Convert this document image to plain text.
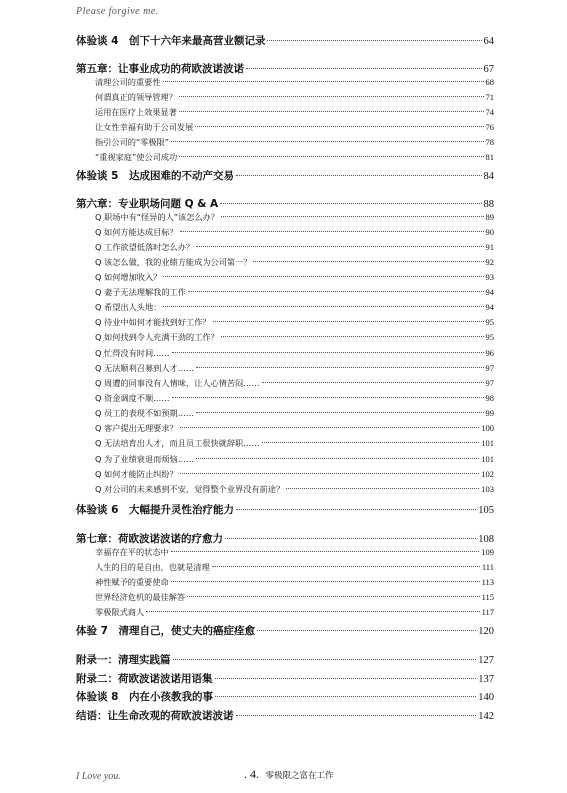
Please forgive me.
体验谈 4　创下十六年来最高营业额记录	64
第五章：让事业成功的荷欧波诺波诺	67
清理公司的重要性	68
何谓真正的领导管理？	71
运用在医疗上效果显著	74
让女性幸福有助于公司发展	76
指引公司的“零极限”	78
“重视家庭”使公司成功	81
体验谈 5　达成困难的不动产交易	84
第六章：专业职场问题 Q & A	88
Q 职场中有“怪异的人”该怎么办？	89
Q 如何方能达成目标？	90
Q 工作欲望低落时怎么办？	91
Q 该怎么做，我的业绩方能成为公司第一？	92
Q 如何增加收入？	93
Q 妻子无法理解我的工作	94
Q 希望出人头地：	94
Q 待业中如何才能找到好工作？	95
Q 如何找到令人充满干劲的工作？	95
Q 忙得没有时间……	96
Q 无法顺利召募到人才……	97
Q 周遭的同事没有人情味，让人心情苦闷……	97
Q 资金调度不顺……	98
Q 员工的表现不如预期……	99
Q 客户提出无理要求？	100
Q 无法培育出人才，而且员工很快就辞职……	101
Q 为了业绩衰退而烦恼……	101
Q 如何才能防止纠纷？	102
Q 对公司的未来感到不安，觉得整个业界没有前途？	103
体验谈 6　大幅提升灵性治疗能力	105
第七章：荷欧波诺波诺的疗愈力	108
幸福存在平的状态中	109
人生的目的是自由，也就是清理	111
神性赋予的重要使命	113
世界经济危机的最佳解答	115
零极限式商人	117
体验 7　清理自己，使丈夫的癌症痊愈	120
附录一：清理实践篇	127
附录二：荷欧波诺波诺用语集	137
体验谈 8　内在小孩教我的事	140
结语：让生命改观的荷欧波诺波诺	142
I Love you.	. 4. 零极限之富在工作
